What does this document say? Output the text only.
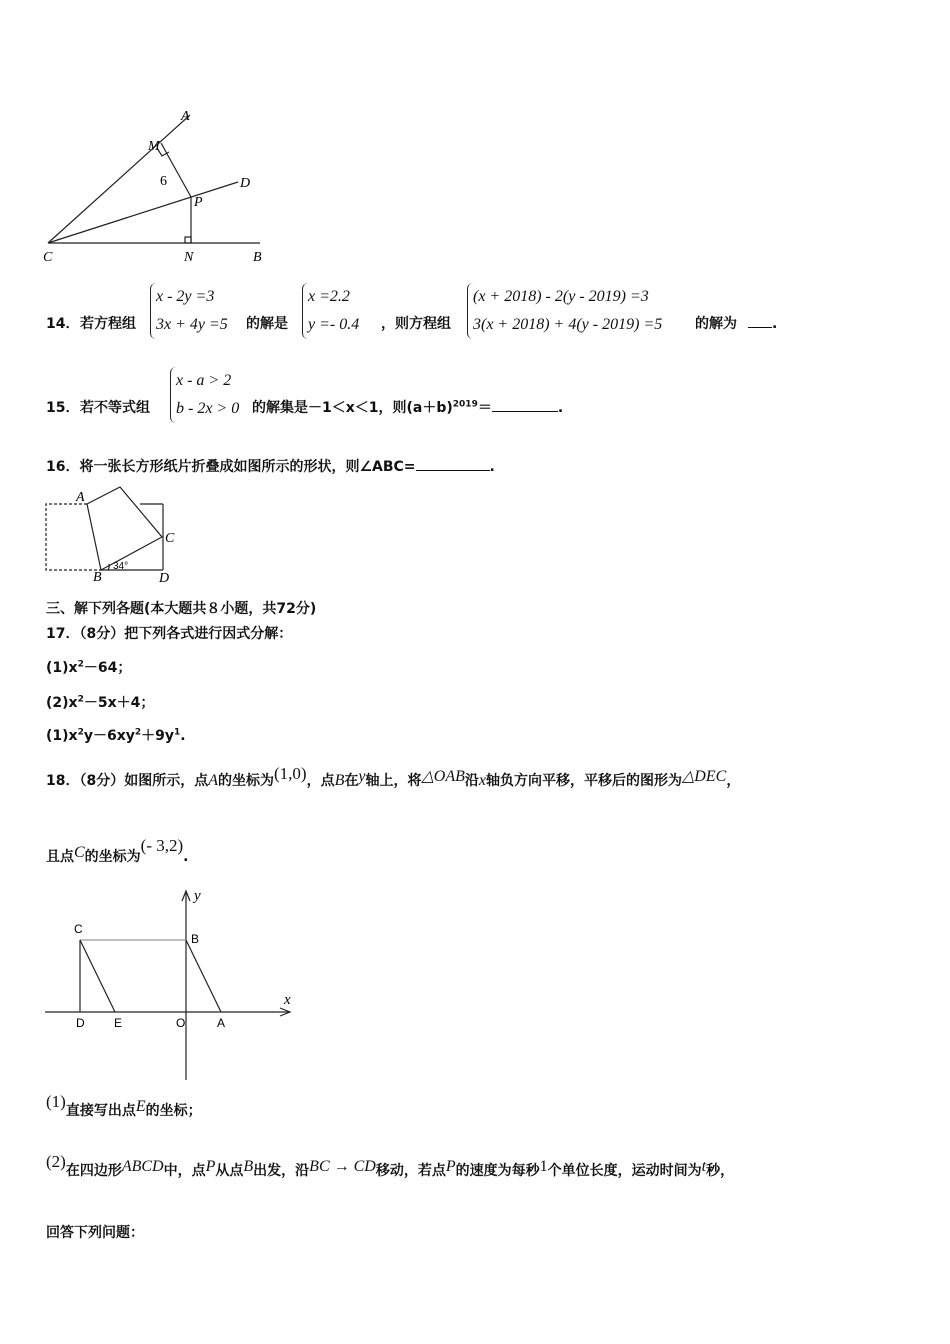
A
M
6	D
P
C	N	B
14． 若方程组
x - 2y =3
3x + 4y =5 的解是
x =2.2
y =- 0.4 ，则方程组
(x + 2018) - 2(y - 2019) =3
3(x + 2018) + 4(y - 2019) =5 的解为	.
15． 若不等式组
x - a > 2
b - 2x > 0 的解集是－1＜x＜1，则$(a+b)^{2019}=$	.
16．将一张长方形纸片折叠成如图所示的形状，则∠ABC=	.
A
C
B	D
34°
三、解下列各题(本大题共８小题，共72分)
17．（8分）把下列各式进行因式分解：
$(1)x^2-64$；
$(2)x^2-5x+4$；
$(1)x^2y-6xy^2+9y^1$.
18．（8分）如图所示，点A的坐标为(1,0)，点B在y轴上，将△OAB沿x轴负方向平移，平移后的图形为△DEC，
且点C的坐标为(- 3,2).
y
x
C
B
D E	O	A
(1)直接写出点E的坐标；
(2)在四边形ABCD中，点P从点B出发，沿BC → CD移动，若点P的速度为每秒1个单位长度，运动时间为t秒，
回答下列问题：
